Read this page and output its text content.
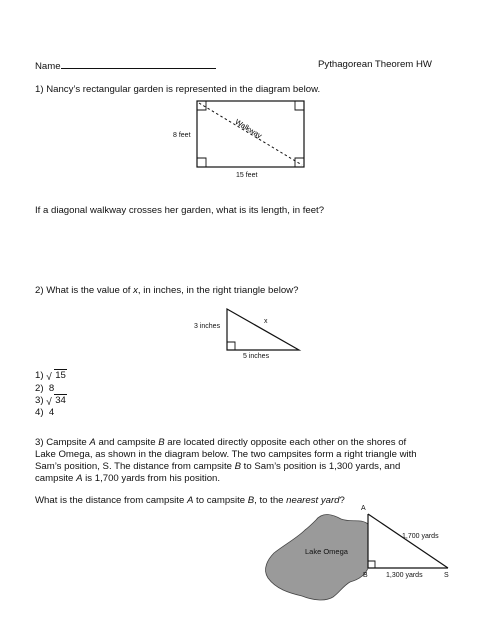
Name	Pythagorean Theorem HW
1) Nancy’s rectangular garden is represented in the diagram below.
Walkway
8 feet
15 feet
If a diagonal walkway crosses her garden, what is its length, in feet?
2) What is the value of x, in inches, in the right triangle below?
3 inches
5 inches
x
1) √ 15
2) 8
3) √ 34
4) 4
3) Campsite A and campsite B are located directly opposite each other on the shores of
Lake Omega, as shown in the diagram below. The two campsites form a right triangle with
Sam’s position, S. The distance from campsite B to Sam’s position is 1,300 yards, and
campsite A is 1,700 yards from his position.
What is the distance from campsite A to campsite B, to the nearest yard?
Lake Omega
A
B	S
1,700 yards
1,300 yards
